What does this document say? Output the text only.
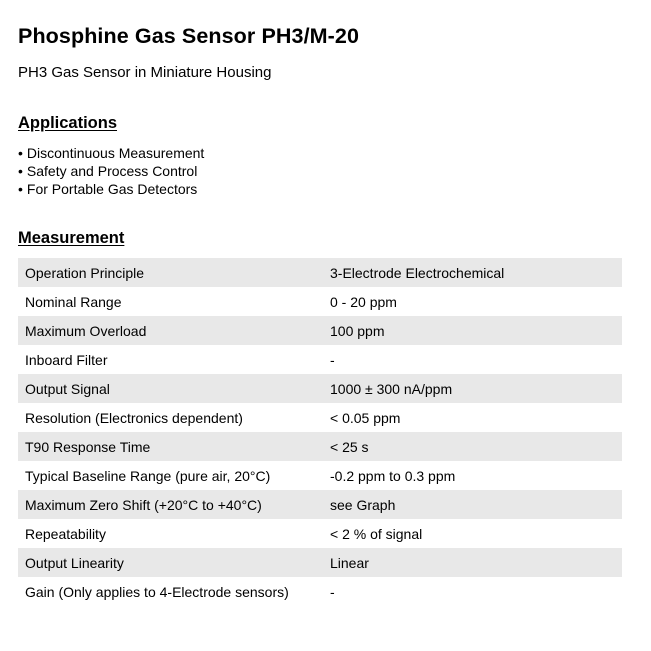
Phosphine Gas Sensor PH3/M-20
PH3 Gas Sensor in Miniature Housing
Applications
• Discontinuous Measurement
• Safety and Process Control
• For Portable Gas Detectors
Measurement
Operation Principle	3-Electrode Electrochemical
Nominal Range	0 - 20 ppm
Maximum Overload	100 ppm
Inboard Filter	-
Output Signal	1000 ± 300 nA/ppm
Resolution (Electronics dependent)	< 0.05 ppm
T90 Response Time	< 25 s
Typical Baseline Range (pure air, 20°C)	-0.2 ppm to 0.3 ppm
Maximum Zero Shift (+20°C to +40°C)	see Graph
Repeatability	< 2 % of signal
Output Linearity	Linear
Gain (Only applies to 4-Electrode sensors)	-
